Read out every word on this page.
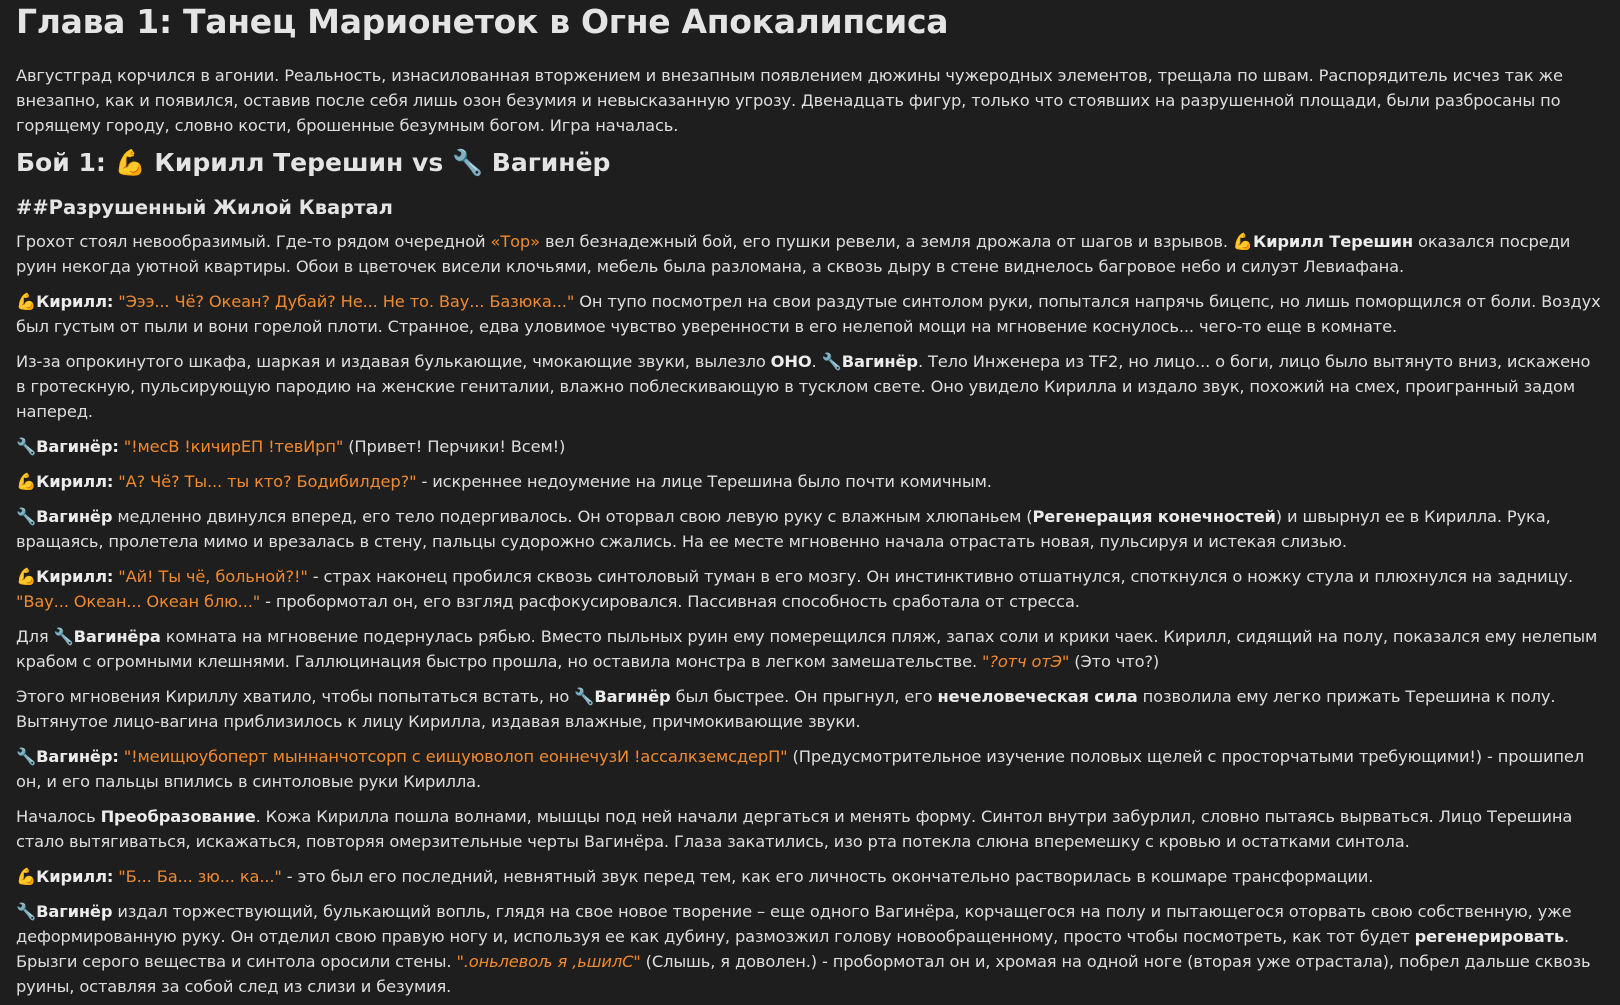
Глава 1: Танец Марионеток в Огне Апокалипсиса

Августград корчился в агонии. Реальность, изнасилованная вторжением и внезапным появлением дюжины чужеродных элементов, трещала по швам. Распорядитель исчез так же внезапно, как и появился, оставив после себя лишь озон безумия и невысказанную угрозу. Двенадцать фигур, только что стоявших на разрушенной площади, были разбросаны по горящему городу, словно кости, брошенные безумным богом. Игра началась.

Бой 1: 💪 Кирилл Терешин vs 🔧 Вагинёр
##Разрушенный Жилой Квартал

Грохот стоял невообразимый. Где-то рядом очередной «Тор» вел безнадежный бой, его пушки ревели, а земля дрожала от шагов и взрывов. 💪Кирилл Терешин оказался посреди руин некогда уютной квартиры. Обои в цветочек висели клочьями, мебель была разломана, а сквозь дыру в стене виднелось багровое небо и силуэт Левиафана.

💪Кирилл: "Эээ... Чё? Океан? Дубай? Не... Не то. Вау... Базюка..." Он тупо посмотрел на свои раздутые синтолом руки, попытался напрячь бицепс, но лишь поморщился от боли. Воздух был густым от пыли и вони горелой плоти. Странное, едва уловимое чувство уверенности в его нелепой мощи на мгновение коснулось... чего-то еще в комнате.

Из-за опрокинутого шкафа, шаркая и издавая булькающие, чмокающие звуки, вылезло ОНО. 🔧Вагинёр. Тело Инженера из TF2, но лицо... о боги, лицо было вытянуто вниз, искажено в гротескную, пульсирующую пародию на женские гениталии, влажно поблескивающую в тусклом свете. Оно увидело Кирилла и издало звук, похожий на смех, проигранный задом наперед.

🔧Вагинёр: "!месВ !кичирЕП !тевИрп" (Привет! Перчики! Всем!)

💪Кирилл: "А? Чё? Ты... ты кто? Бодибилдер?" - искреннее недоумение на лице Терешина было почти комичным.

🔧Вагинёр медленно двинулся вперед, его тело подергивалось. Он оторвал свою левую руку с влажным хлюпаньем (Регенерация конечностей) и швырнул ее в Кирилла. Рука, вращаясь, пролетела мимо и врезалась в стену, пальцы судорожно сжались. На ее месте мгновенно начала отрастать новая, пульсируя и истекая слизью.

💪Кирилл: "Ай! Ты чё, больной?!" - страх наконец пробился сквозь синтоловый туман в его мозгу. Он инстинктивно отшатнулся, споткнулся о ножку стула и плюхнулся на задницу. "Вау... Океан... Океан блю..." - пробормотал он, его взгляд расфокусировался. Пассивная способность сработала от стресса.

Для 🔧Вагинёра комната на мгновение подернулась рябью. Вместо пыльных руин ему померещился пляж, запах соли и крики чаек. Кирилл, сидящий на полу, показался ему нелепым крабом с огромными клешнями. Галлюцинация быстро прошла, но оставила монстра в легком замешательстве. "?отч отЭ" (Это что?)

Этого мгновения Кириллу хватило, чтобы попытаться встать, но 🔧Вагинёр был быстрее. Он прыгнул, его нечеловеческая сила позволила ему легко прижать Терешина к полу. Вытянутое лицо-вагина приблизилось к лицу Кирилла, издавая влажные, причмокивающие звуки.

🔧Вагинёр: "!меищюубоперт мыннанчотсорп с еищуюволоп еоннечузИ !ассалкземсдерП" (Предусмотрительное изучение половых щелей с просторчатыми требующими!) - прошипел он, и его пальцы впились в синтоловые руки Кирилла.

Началось Преобразование. Кожа Кирилла пошла волнами, мышцы под ней начали дергаться и менять форму. Синтол внутри забурлил, словно пытаясь вырваться. Лицо Терешина стало вытягиваться, искажаться, повторяя омерзительные черты Вагинёра. Глаза закатились, изо рта потекла слюна вперемешку с кровью и остатками синтола.

💪Кирилл: "Б... Ба... зю... ка..." - это был его последний, невнятный звук перед тем, как его личность окончательно растворилась в кошмаре трансформации.

🔧Вагинёр издал торжествующий, булькающий вопль, глядя на свое новое творение – еще одного Вагинёра, корчащегося на полу и пытающегося оторвать свою собственную, уже деформированную руку. Он отделил свою правую ногу и, используя ее как дубину, размозжил голову новообращенному, просто чтобы посмотреть, как тот будет регенерировать. Брызги серого вещества и синтола оросили стены. ".оньлевољ я ,ьшилС" (Слышь, я доволен.) - пробормотал он и, хромая на одной ноге (вторая уже отрастала), побрел дальше сквозь руины, оставляя за собой след из слизи и безумия.
